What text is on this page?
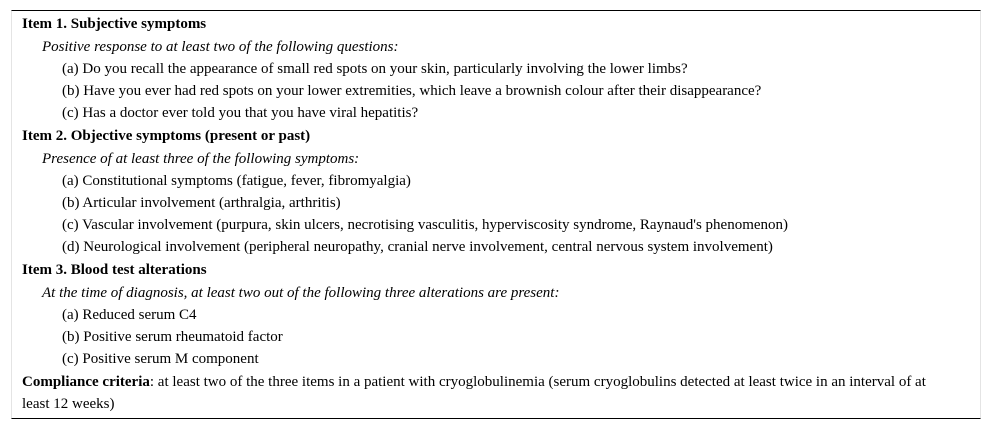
Item 1. Subjective symptoms
Positive response to at least two of the following questions:
(a) Do you recall the appearance of small red spots on your skin, particularly involving the lower limbs?
(b) Have you ever had red spots on your lower extremities, which leave a brownish colour after their disappearance?
(c) Has a doctor ever told you that you have viral hepatitis?
Item 2. Objective symptoms (present or past)
Presence of at least three of the following symptoms:
(a) Constitutional symptoms (fatigue, fever, fibromyalgia)
(b) Articular involvement (arthralgia, arthritis)
(c) Vascular involvement (purpura, skin ulcers, necrotising vasculitis, hyperviscosity syndrome, Raynaud's phenomenon)
(d) Neurological involvement (peripheral neuropathy, cranial nerve involvement, central nervous system involvement)
Item 3. Blood test alterations
At the time of diagnosis, at least two out of the following three alterations are present:
(a) Reduced serum C4
(b) Positive serum rheumatoid factor
(c) Positive serum M component
Compliance criteria: at least two of the three items in a patient with cryoglobulinemia (serum cryoglobulins detected at least twice in an interval of at least 12 weeks)
